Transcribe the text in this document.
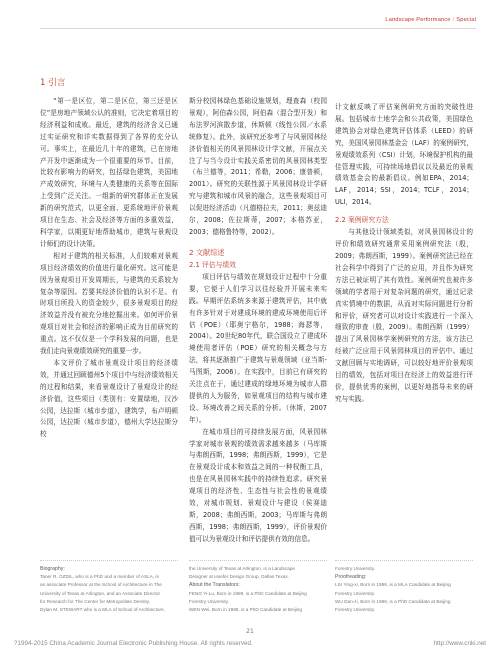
Landscape Performance / Special
1 引言

“第一是区位，第二是区位，第三还是区位”是房地产领域公认的准则，它决定着项目的经济利益和成败。最近，建筑的经济含义已通过实证研究和详实数据得到了各界的充分认可。事实上，在最近几十年的建筑，已在房地产开发中逐渐成为一个很重要的环节。目前，比较有影响力的研究，包括绿色建筑，美国地产成效研究，环境与人类健康的关系等在国际上受到广泛关注。一组新的研究群体正在发展新的研究范式，以更全面、更系统地评价景观项目在生态、社会及经济等方面的多重效益，科学家，以期更好地帮助城市，建筑与景观设计师们的设计决策。

相对于建筑的相关标准，人们较难对景观项目经济绩效的价值进行量化研究。这可能是因为景观项目开发周期长，与建筑的关系较为复杂等原因。若要其经济价值的认识不足。有时项目所投入的资金较少，很多景观项目的经济效益并没有被充分地挖掘出来。如何评价景观项目对社会和经济的影响正成为目前研究的重点。这不仅仅是一个学科发展的问题，也是我们走向景观绩效研究的重要一步。

本文评价了城市景观设计项目的经济绩效，并通过回顾德州5个项目中与经济绩效相关的过程和结果，来看景观设计了景观设计的经济价值，这些项目（类别有：安置绿地，汉沙公园，达拉斯（城市步道），建筑学，布卢明顿公园，达拉斯（城市步道），德州大学达拉斯分校

斯分校园林绿色基础设施规划，理查森（校园景观），阿伯森公园，阿伯森（混合型开发）和布法罗河滨散步道，休斯顿（线性公园／水系统修复）。此外，该研究还参考了与风景园林经济价值相关的风景园林设计学文献，开展点关注了与当今设计实践关系密切的风景园林类型（布兰德等，2011；希勒，2006；康普顿，2001）。研究的关联性源于风景园林设计学研究与建筑和城市风景的融合，这些景观项目可以促进经济活动（凡德格拉夫，2011；奥兹迪尔，2008；佐拉斯蒂，2007；本格苏亚，2003；德格鲁特等，2002）。

2 文献综述
2.1 评估与绩效

项目评估与绩效在规划设计过程中十分重要，它便于人们学习以往经验并开展未来实践。早期评估系统多来源于建筑评估，其中就有许多针对于对建成环境的建成环境使用后评估（POE）（耶奥宁格尔，1988；海瑟等，2004）。20世纪80年代，联合国设立了建成环境使用者评估（POE）研究的相关概念与方法，将其逐渐推广于建筑与景观领域（亚当斯-马图斯，2006）。在实践中，目前已有研究的关注点在于，通过建成的绿地环境为城市人群提供的人为服务，如景观项目的结构与城市建设、环境改善之间关系的分析。（休斯，2007年）。

在城市项目的可持续发展方面，风景园林学家对城市景观的绩效需求越来越多（马库斯与弗朗西斯，1998；弗朗西斯，1999），它是在景观设计成本和效益之间的一种权衡工具，也是在风景园林实践中的持续性追求。研究景观项目的经济性、生态性与社会性的景观绩效，对城市规划、景观设计与建设（侯赛迪斯，2008；弗朗西斯，2003；马库斯与弗朗西斯，1998；弗朗西斯，1999），评价景观价值可以为景观设计和评估提供有效的信息。

计文献反映了评估案例研究方面的突破性进展。包括城市土地学会和公共政策，美国绿色建筑协会对绿色建筑评估体系（LEED）的研究，美国风景园林基金会（LAF）的案例研究，景观绩效系列（CSI）计划，环境保护机构的最佳管理实践，可持续场地倡议以及最近的景观绩效基金会的最新倡议。例如EPA，2014；LAF，2014；SSI，2014；TCLF，2014；ULI，2014。

2.2 案例研究方法

与其他设计领域类似，对风景园林设计的评价和绩效研究通常采用案例研究法（殷，2009；弗朗西斯，1999）。案例研究法已经在社会科学中得到了广泛的应用，并且作为研究方法已被证明了其有效性。案例研究也被许多领域的学者用于对复杂问题的研究，通过记录真实情境中的数据，从而对实际问题进行分析和评价，研究者可以对设计实践进行一个深入细致的审查（殷，2009）。弗朗西斯（1999）提出了风景园林学案例研究的方法，该方法已经被广泛应用于风景园林项目的评估中。通过文献回顾与实地调研，可以较好地评价景观项目的绩效，包括对项目在经济上的效益进行评价，提供优秀的案例，以更好地指导未来的研究与实践。

Biography:
Taner R. OZDIL, who is a PhD and a member of ASLA, is
an associate Professor at the School of Architecture in The
University of Texas at Arlington, and an Associate Director
for Research for The Center for Metropolitan Density.
Dylan M. STEWART who is a MLA of School of Architecture,
the University of Texas at Arlington, is a Landscape
Designer at Hoefer Design Group, Dallas Texas.
About the Translators:
FENG Yi-Lu, Born in 1989, is a PhD Candidate at Beijing
Forestry University.
WEN Wei, Born in 1988, is a PhD Candidate at Beijing
Forestry University.
Proofreading:
LIU Ying-xi, Born in 1988, is a MLA Candidate at Beijing
Forestry University.
WU Dan-zi, Born in 1988, is a PhD Candidate at Beijing
Forestry University.
21
?1994-2015 China Academic Journal Electronic Publishing House. All rights reserved.	http://www.cnki.net
